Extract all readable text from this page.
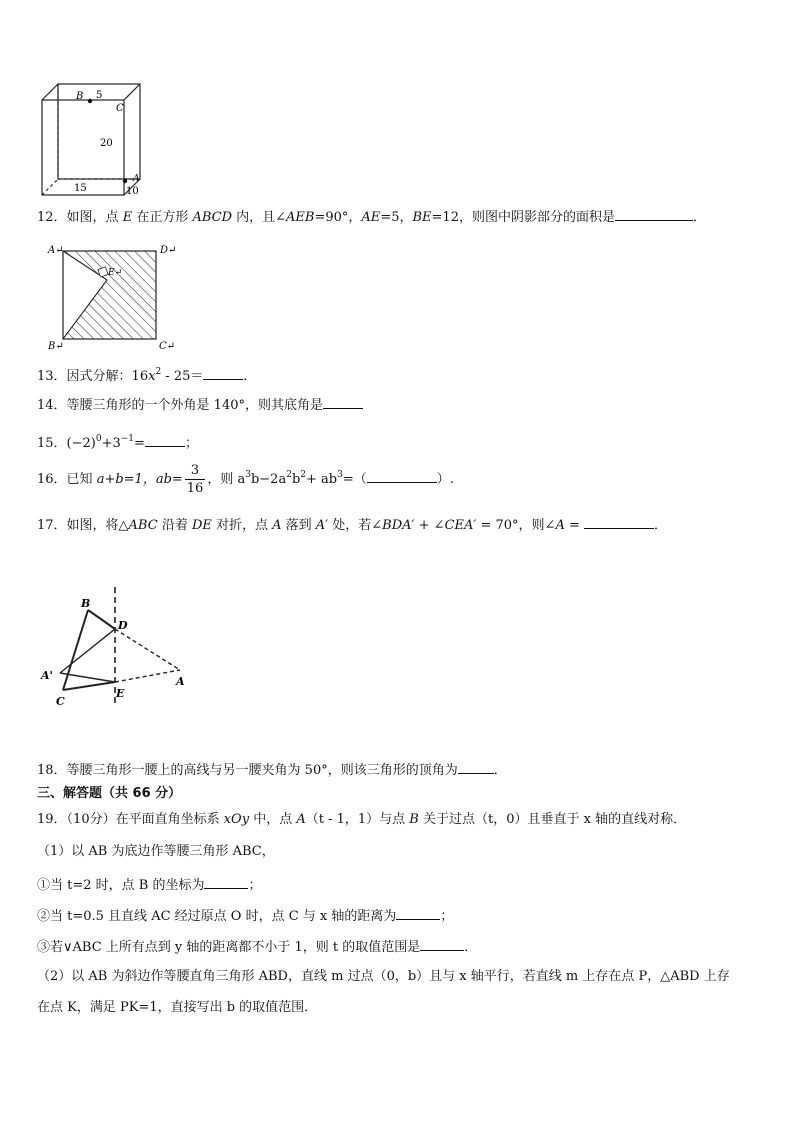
B 5
C
20
A
15	10
12．如图，点 E 在正方形 ABCD 内，且∠AEB=90°，AE=5，BE=12，则图中阴影部分的面积是	．
A↵	D↵
E↵
B↵	C↵
13．因式分解：$16x^2 - 25=$	．
14．等腰三角形的一个外角是 140°，则其底角是
15．$(-2)^0+3^{-1}=$	；
16．已知 a+b=1，$ab= \frac{3}{16}$ ，则 $a^3b-2a^2b^2+ ab^3=$（	）.
17．如图，将△ABC 沿着 DE 对折，点 A 落到 A′ 处，若∠BDA′ + ∠CEA′ = 70°，则∠A =	．
B
D
A'	A
C
E
18．等腰三角形一腰上的高线与另一腰夹角为 50°，则该三角形的顶角为	．
三、解答题（共 66 分）
19．（10分）在平面直角坐标系 xOy 中，点 A（t - 1，1）与点 B 关于过点（t，0）且垂直于 x 轴的直线对称．
（1）以 AB 为底边作等腰三角形 ABC，
①当 t=2 时，点 B 的坐标为	；
②当 t=0.5 且直线 AC 经过原点 O 时，点 C 与 x 轴的距离为	；
③若∨ABC 上所有点到 y 轴的距离都不小于 1，则 t 的取值范围是	．
（2）以 AB 为斜边作等腰直角三角形 ABD，直线 m 过点（0，b）且与 x 轴平行，若直线 m 上存在点 P，△ABD 上存
在点 K，满足 PK=1，直接写出 b 的取值范围．
